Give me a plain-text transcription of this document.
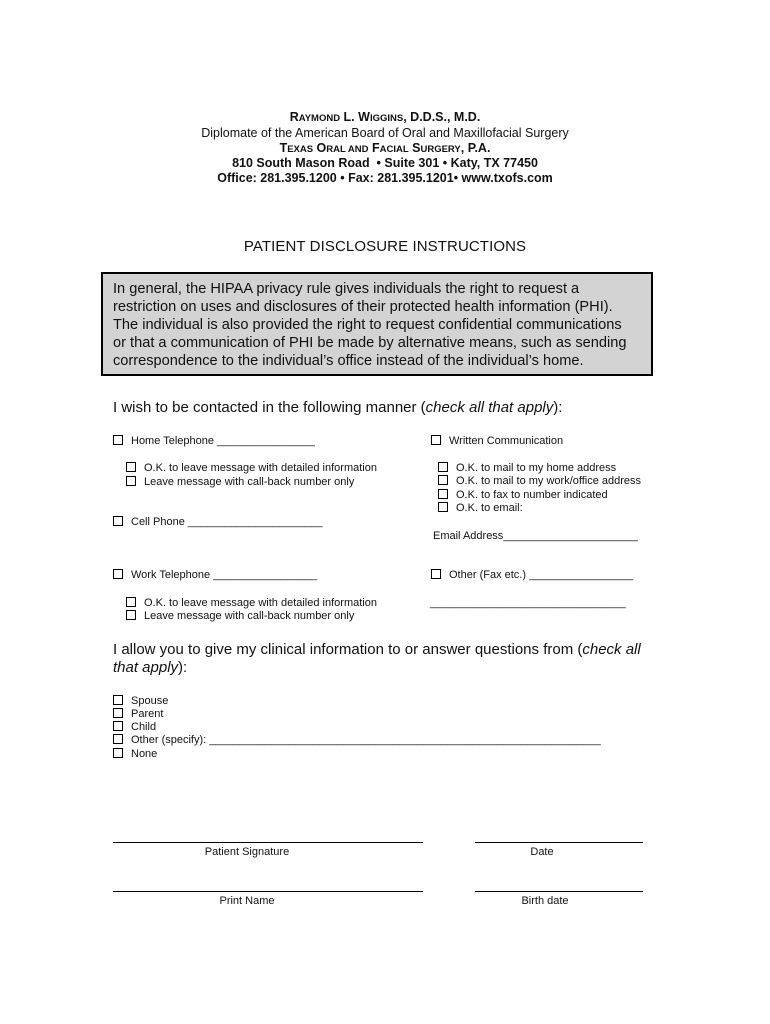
RAYMOND L. WIGGINS, D.D.S., M.D.
Diplomate of the American Board of Oral and Maxillofacial Surgery
TEXAS ORAL AND FACIAL SURGERY, P.A.
810 South Mason Road  • Suite 301 • Katy, TX 77450
Office: 281.395.1200 • Fax: 281.395.1201• www.txofs.com
PATIENT DISCLOSURE INSTRUCTIONS
In general, the HIPAA privacy rule gives individuals the right to request a
restriction on uses and disclosures of their protected health information (PHI).
The individual is also provided the right to request confidential communications
or that a communication of PHI be made by alternative means, such as sending
correspondence to the individual’s office instead of the individual’s home.
I wish to be contacted in the following manner (check all that apply):
Home Telephone ________________
O.K. to leave message with detailed information
Leave message with call-back number only
Cell Phone ______________________
Work Telephone _________________
O.K. to leave message with detailed information
Leave message with call-back number only
Written Communication
O.K. to mail to my home address
O.K. to mail to my work/office address
O.K. to fax to number indicated
O.K. to email:
Email Address______________________
Other (Fax etc.) _________________
________________________________
I allow you to give my clinical information to or answer questions from (check all
that apply):
Spouse
Parent
Child
Other (specify): ________________________________________________________________
None
Patient Signature	Date
Print Name	Birth date
